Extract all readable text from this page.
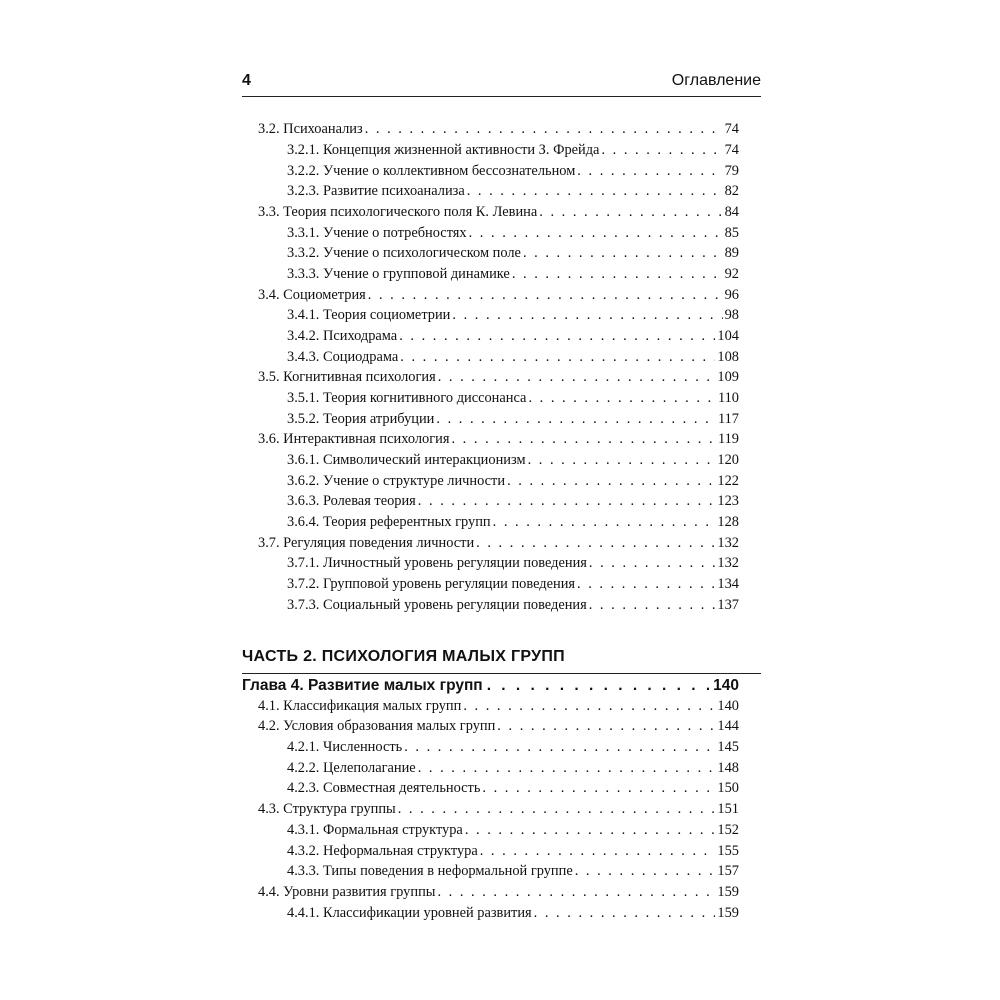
4	Оглавление
3.2. Психоанализ . . .	74
3.2.1. Концепция жизненной активности З. Фрейда . . .	74
3.2.2. Учение о коллективном бессознательном . . .	79
3.2.3. Развитие психоанализа . . .	82
3.3. Теория психологического поля К. Левина . . .	84
3.3.1. Учение о потребностях . . .	85
3.3.2. Учение о психологическом поле . . .	89
3.3.3. Учение о групповой динамике . . .	92
3.4. Социометрия . . .	96
3.4.1. Теория социометрии . . .	98
3.4.2. Психодрама . . .	104
3.4.3. Социодрама . . .	108
3.5. Когнитивная психология . . .	109
3.5.1. Теория когнитивного диссонанса . . .	110
3.5.2. Теория атрибуции . . .	117
3.6. Интерактивная психология . . .	119
3.6.1. Символический интеракционизм . . .	120
3.6.2. Учение о структуре личности . . .	122
3.6.3. Ролевая теория . . .	123
3.6.4. Теория референтных групп . . .	128
3.7. Регуляция поведения личности . . .	132
3.7.1. Личностный уровень регуляции поведения . . .	132
3.7.2. Групповой уровень регуляции поведения . . .	134
3.7.3. Социальный уровень регуляции поведения . . .	137
ЧАСТЬ 2. ПСИХОЛОГИЯ МАЛЫХ ГРУПП
Глава 4. Развитие малых групп . . .	140
4.1. Классификация малых групп . . .	140
4.2. Условия образования малых групп . . .	144
4.2.1. Численность . . .	145
4.2.2. Целеполагание . . .	148
4.2.3. Совместная деятельность . . .	150
4.3. Структура группы . . .	151
4.3.1. Формальная структура . . .	152
4.3.2. Неформальная структура . . .	155
4.3.3. Типы поведения в неформальной группе . . .	157
4.4. Уровни развития группы . . .	159
4.4.1. Классификации уровней развития . . .	159
